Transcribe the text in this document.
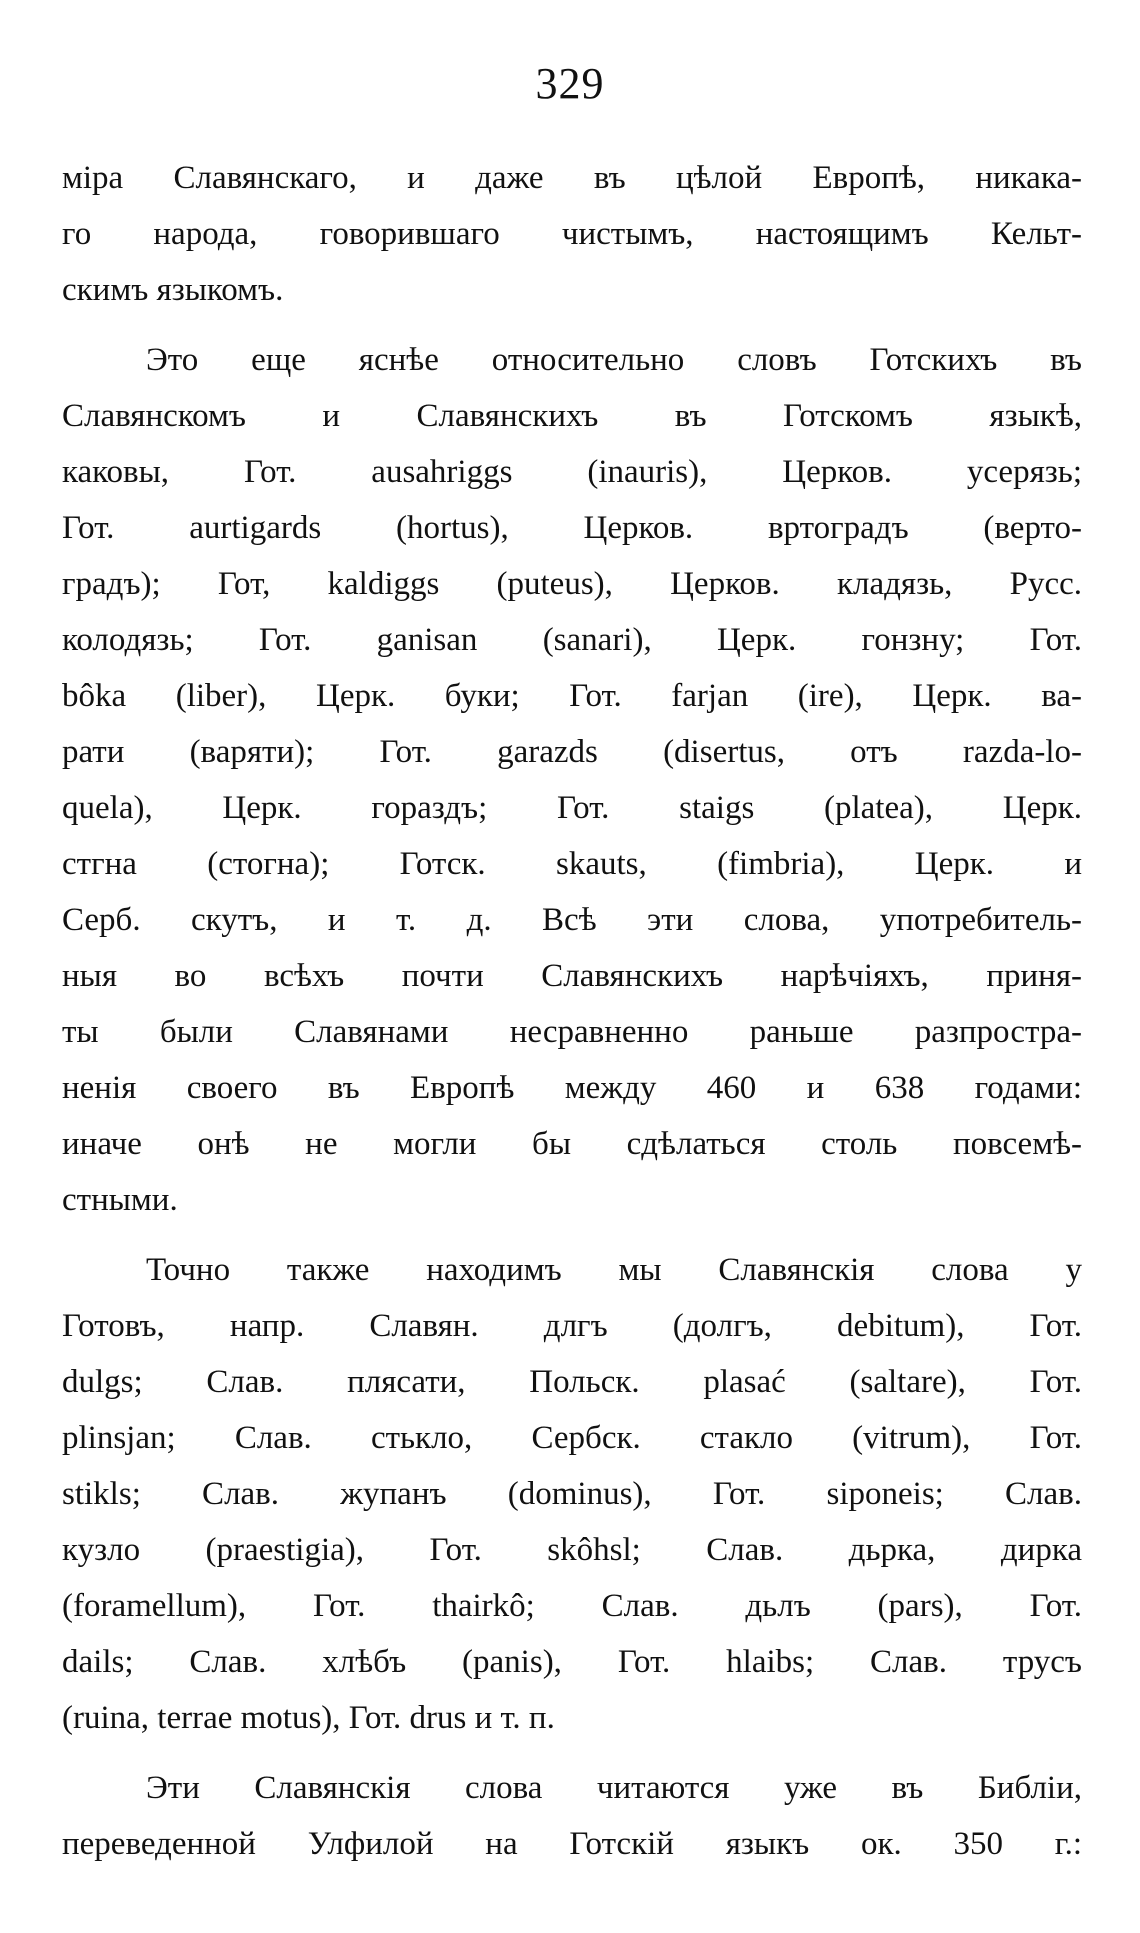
329
міра Славянскаго, и даже въ цѣлой Европѣ, никака-
го народа, говорившаго чистымъ, настоящимъ Кельт-
скимъ языкомъ.
Это еще яснѣе относительно словъ Готскихъ въ
Славянскомъ и Славянскихъ въ Готскомъ языкѣ,
каковы, Гот. ausahriggs (inauris), Церков. усерязь;
Гот. aurtigards (hortus), Церков. вртоградъ (верто-
градъ); Гот, kaldiggs (puteus), Церков. кладязь, Русс.
колодязь; Гот. ganisan (sanari), Церк. гонзну; Гот.
bôka (liber), Церк. буки; Гот. farjan (ire), Церк. ва-
рати (варяти); Гот. garazds (disertus, отъ razda-lo-
quela), Церк. гораздъ; Гот. staigs (platea), Церк.
стгна (стогна); Готск. skauts, (fimbria), Церк. и
Серб. скутъ, и т. д. Всѣ эти слова, употребитель-
ныя во всѣхъ почти Славянскихъ нарѣчіяхъ, приня-
ты были Славянами несравненно раньше разпростра-
ненія своего въ Европѣ между 460 и 638 годами:
иначе онѣ не могли бы сдѣлаться столь повсемѣ-
стными.
Точно также находимъ мы Славянскія слова у
Готовъ, напр. Славян. длгъ (долгъ, debitum), Гот.
dulgs; Слав. плясати, Польск. plasać (saltare), Гот.
plinsjan; Слав. стькло, Сербск. стакло (vitrum), Гот.
stikls; Слав. жупанъ (dominus), Гот. siponeis; Слав.
кузло (praestigia), Гот. skôhsl; Слав. дьрка, дирка
(foramellum), Гот. thairkô; Слав. дьлъ (pars), Гот.
dails; Слав. хлѣбъ (panis), Гот. hlaibs; Слав. трусъ
(ruina, terrae motus), Гот. drus и т. п.
Эти Славянскія слова читаются уже въ Библіи,
переведенной Улфилой на Готскій языкъ ок. 350 г.:
